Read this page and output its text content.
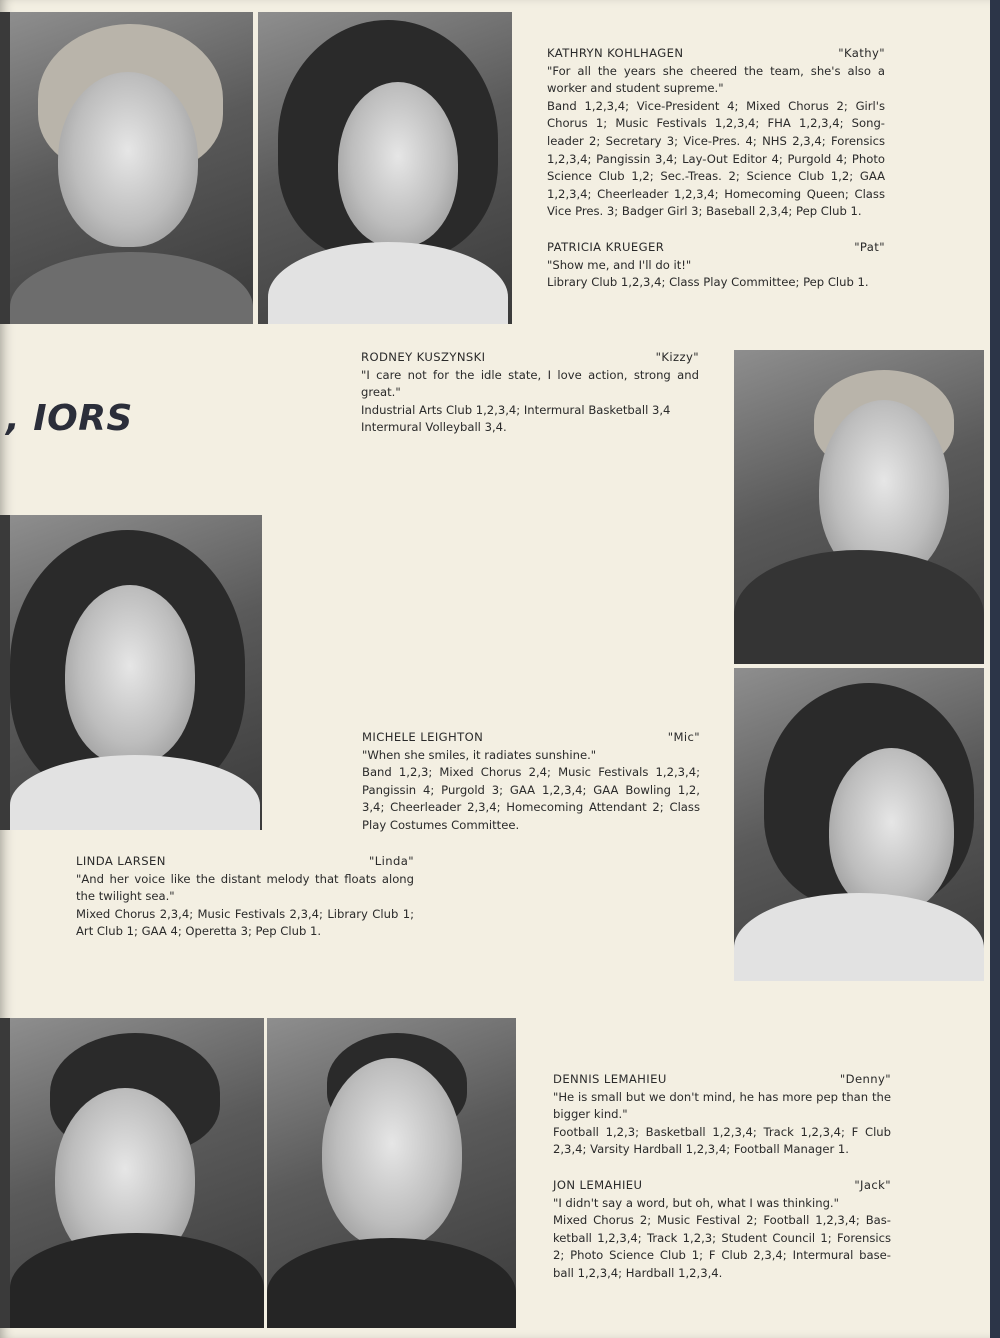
, IORS
KATHRYN KOHLHAGEN	"Kathy"

"For all the years she cheered the team, she's also a worker and student supreme."

Band 1,2,3,4; Vice-President 4; Mixed Chorus 2; Girl's Chorus 1; Music Festivals 1,2,3,4; FHA 1,2,3,4; Song-leader 2; Secretary 3; Vice-Pres. 4; NHS 2,3,4; Forensics 1,2,3,4; Pangissin 3,4; Lay-Out Editor 4; Purgold 4; Photo Science Club 1,2; Sec.-Treas. 2; Science Club 1,2; GAA 1,2,3,4; Cheerleader 1,2,3,4; Homecoming Queen; Class Vice Pres. 3; Badger Girl 3; Baseball 2,3,4; Pep Club 1.

PATRICIA KRUEGER	"Pat"

"Show me, and I'll do it!"

Library Club 1,2,3,4; Class Play Committee; Pep Club 1.

RODNEY KUSZYNSKI	"Kizzy"

"I care not for the idle state, I love action, strong and great."

Industrial Arts Club 1,2,3,4; Intermural Basketball 3,4 Intermural Volleyball 3,4.

MICHELE LEIGHTON	"Mic"

"When she smiles, it radiates sunshine."

Band 1,2,3; Mixed Chorus 2,4; Music Festivals 1,2,3,4; Pangissin 4; Purgold 3; GAA 1,2,3,4; GAA Bowling 1,2, 3,4; Cheerleader 2,3,4; Homecoming Attendant 2; Class Play Costumes Committee.

LINDA LARSEN	"Linda"

"And her voice like the distant melody that floats along the twilight sea."

Mixed Chorus 2,3,4; Music Festivals 2,3,4; Library Club 1; Art Club 1; GAA 4; Operetta 3; Pep Club 1.

DENNIS LEMAHIEU	"Denny"

"He is small but we don't mind, he has more pep than the bigger kind."

Football 1,2,3; Basketball 1,2,3,4; Track 1,2,3,4; F Club 2,3,4; Varsity Hardball 1,2,3,4; Football Manager 1.

JON LEMAHIEU	"Jack"

"I didn't say a word, but oh, what I was thinking."

Mixed Chorus 2; Music Festival 2; Football 1,2,3,4; Bas-ketball 1,2,3,4; Track 1,2,3; Student Council 1; Forensics 2; Photo Science Club 1; F Club 2,3,4; Intermural base-ball 1,2,3,4; Hardball 1,2,3,4.
